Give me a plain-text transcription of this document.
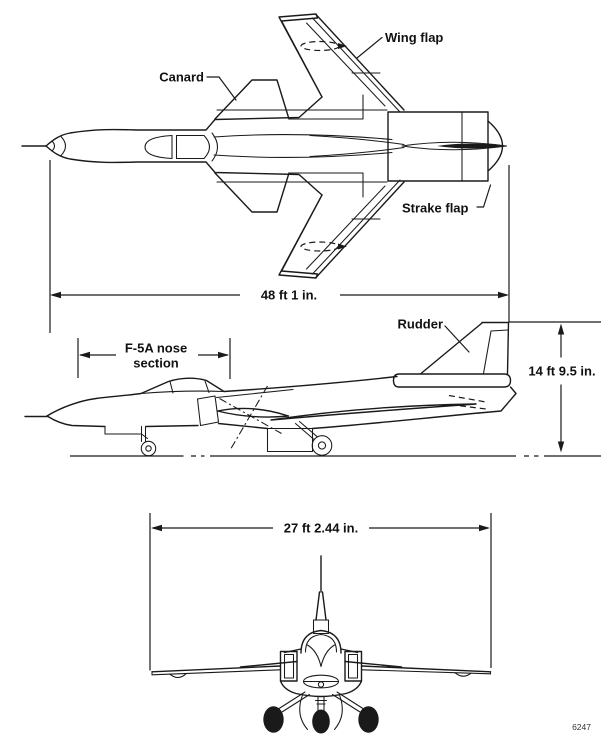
Canard
Wing flap
Strake flap
48 ft 1 in.
Rudder
F-5A nose
section
14 ft 9.5 in.
27 ft 2.44 in.
6247
